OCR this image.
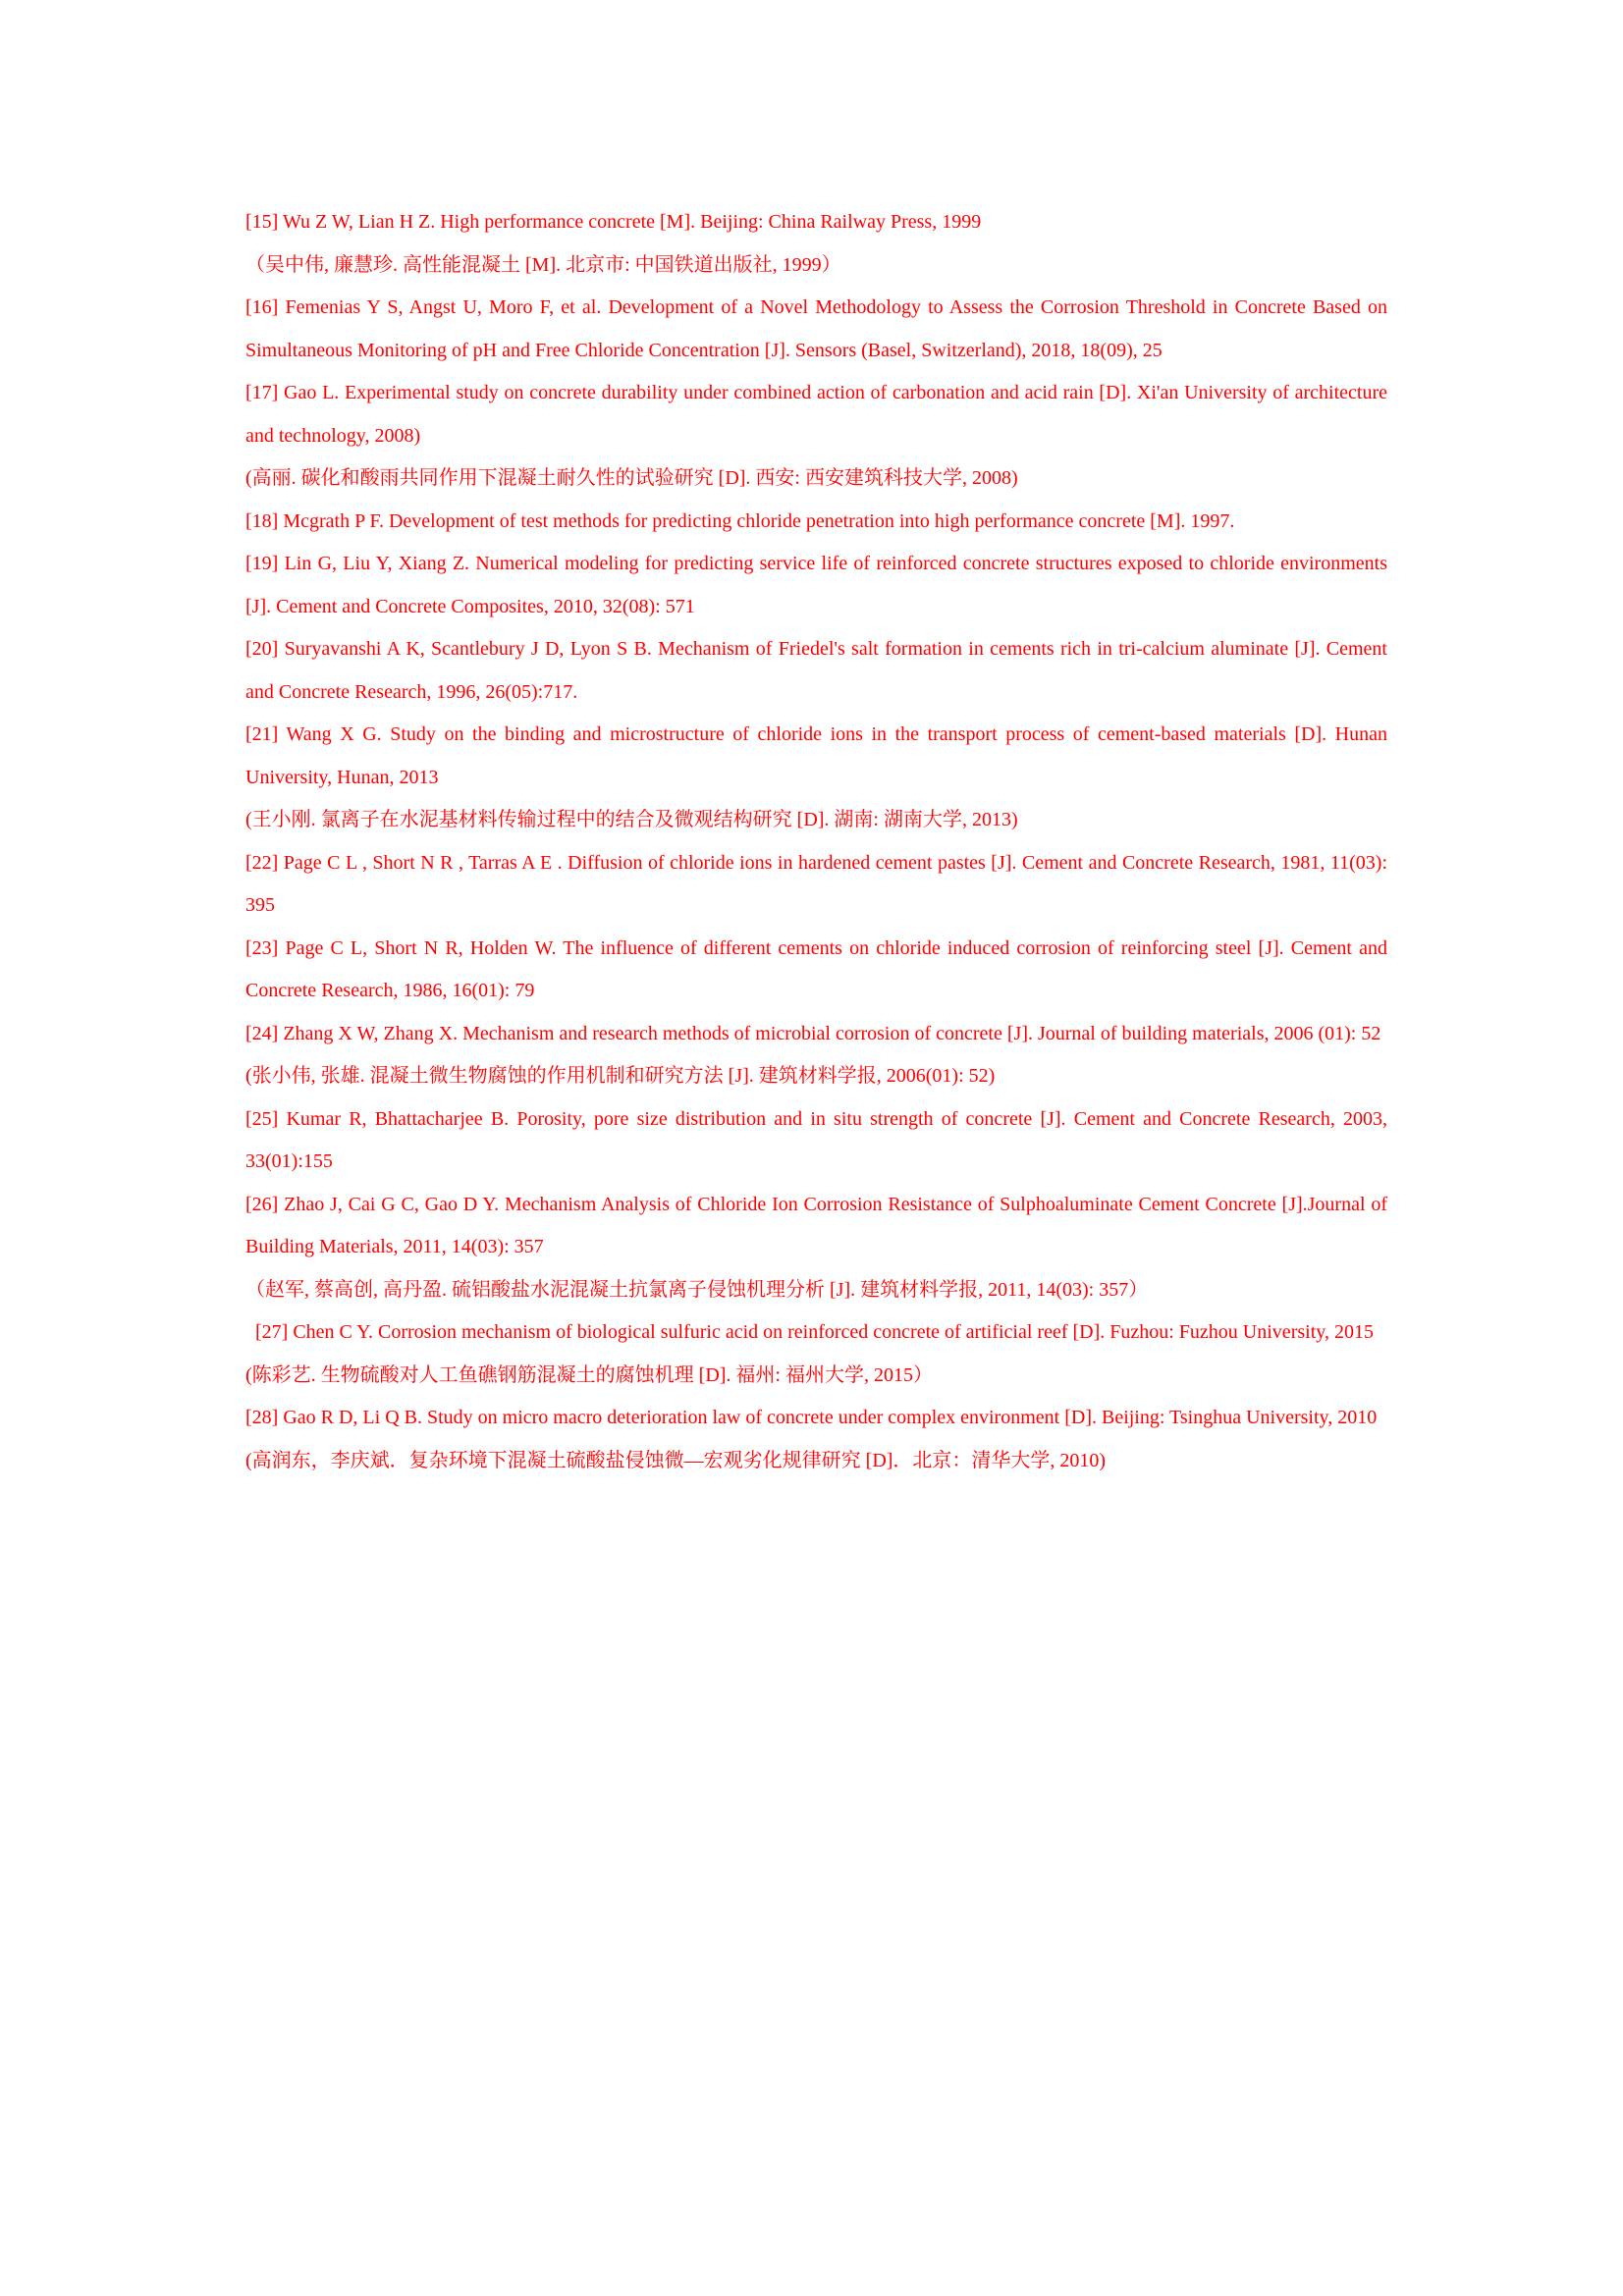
[15] Wu Z W, Lian H Z. High performance concrete [M]. Beijing: China Railway Press, 1999
（吴中伟, 廉慧珍. 高性能混凝土 [M]. 北京市: 中国铁道出版社, 1999）
[16] Femenias Y S, Angst U, Moro F, et al. Development of a Novel Methodology to Assess the Corrosion Threshold in Concrete Based on Simultaneous Monitoring of pH and Free Chloride Concentration [J]. Sensors (Basel, Switzerland), 2018, 18(09), 25
[17] Gao L. Experimental study on concrete durability under combined action of carbonation and acid rain [D]. Xi'an University of architecture and technology, 2008)
(高丽. 碳化和酸雨共同作用下混凝土耐久性的试验研究 [D]. 西安: 西安建筑科技大学, 2008)
[18] Mcgrath P F. Development of test methods for predicting chloride penetration into high performance concrete [M]. 1997.
[19] Lin G, Liu Y, Xiang Z. Numerical modeling for predicting service life of reinforced concrete structures exposed to chloride environments [J]. Cement and Concrete Composites, 2010, 32(08): 571
[20] Suryavanshi A K, Scantlebury J D, Lyon S B. Mechanism of Friedel's salt formation in cements rich in tri-calcium aluminate [J]. Cement and Concrete Research, 1996, 26(05):717.
[21] Wang X G. Study on the binding and microstructure of chloride ions in the transport process of cement-based materials [D]. Hunan University, Hunan, 2013
(王小刚. 氯离子在水泥基材料传输过程中的结合及微观结构研究 [D]. 湖南: 湖南大学, 2013)
[22] Page C L , Short N R , Tarras A E . Diffusion of chloride ions in hardened cement pastes [J]. Cement and Concrete Research, 1981, 11(03): 395
[23] Page C L, Short N R, Holden W. The influence of different cements on chloride induced corrosion of reinforcing steel [J]. Cement and Concrete Research, 1986, 16(01): 79
[24] Zhang X W, Zhang X. Mechanism and research methods of microbial corrosion of concrete [J]. Journal of building materials, 2006 (01): 52
(张小伟, 张雄. 混凝土微生物腐蚀的作用机制和研究方法 [J]. 建筑材料学报, 2006(01): 52)
[25] Kumar R, Bhattacharjee B. Porosity, pore size distribution and in situ strength of concrete [J]. Cement and Concrete Research, 2003, 33(01):155
[26] Zhao J, Cai G C, Gao D Y. Mechanism Analysis of Chloride Ion Corrosion Resistance of Sulphoaluminate Cement Concrete [J].Journal of Building Materials, 2011, 14(03): 357
（赵军, 蔡高创, 高丹盈. 硫铝酸盐水泥混凝土抗氯离子侵蚀机理分析 [J]. 建筑材料学报, 2011, 14(03): 357）
[27] Chen C Y. Corrosion mechanism of biological sulfuric acid on reinforced concrete of artificial reef [D]. Fuzhou: Fuzhou University, 2015
(陈彩艺. 生物硫酸对人工鱼礁钢筋混凝土的腐蚀机理 [D]. 福州: 福州大学, 2015）
[28] Gao R D, Li Q B. Study on micro macro deterioration law of concrete under complex environment [D]. Beijing: Tsinghua University, 2010
(高润东，李庆斌．复杂环境下混凝土硫酸盐侵蚀微—宏观劣化规律研究 [D]．北京：清华大学, 2010)
